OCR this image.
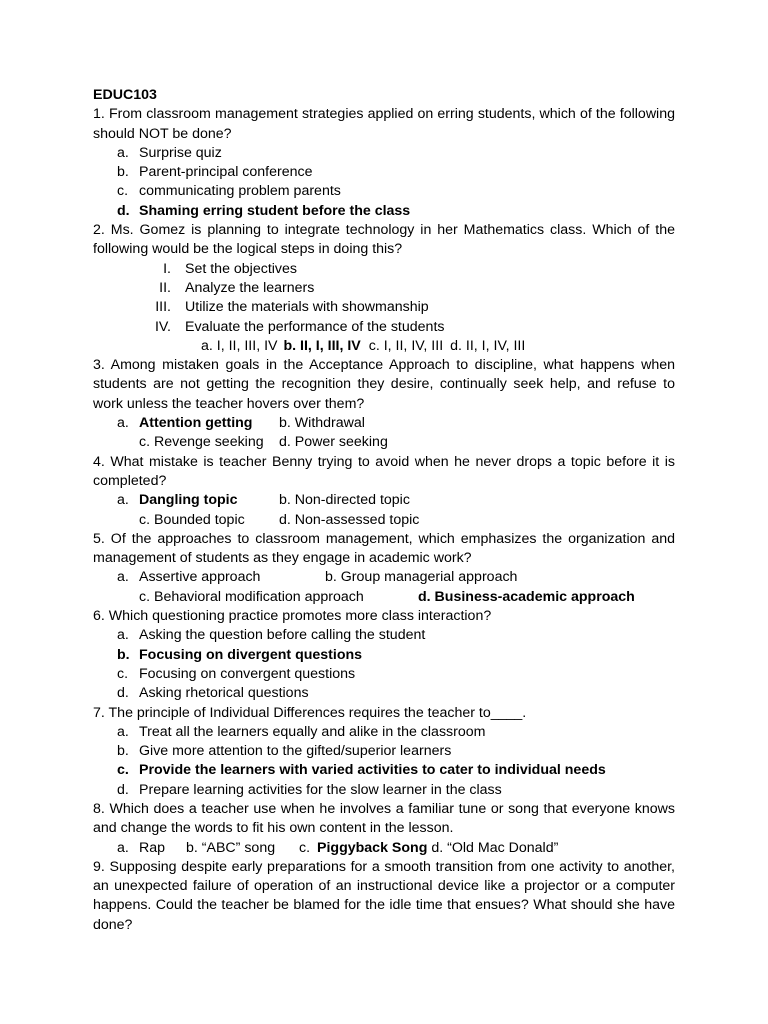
EDUC103
1. From classroom management strategies applied on erring students, which of the following should NOT be done?
a. Surprise quiz
b. Parent-principal conference
c. communicating problem parents
d. Shaming erring student before the class
2. Ms. Gomez is planning to integrate technology in her Mathematics class. Which of the following would be the logical steps in doing this?
I. Set the objectives
II. Analyze the learners
III. Utilize the materials with showmanship
IV. Evaluate the performance of the students
a. I, II, III, IV b. II, I, III, IV c. I, II, IV, III d. II, I, IV, III
3. Among mistaken goals in the Acceptance Approach to discipline, what happens when students are not getting the recognition they desire, continually seek help, and refuse to work unless the teacher hovers over them?
a. Attention getting	b. Withdrawal
c. Revenge seeking	d. Power seeking
4. What mistake is teacher Benny trying to avoid when he never drops a topic before it is completed?
a. Dangling topic	b. Non-directed topic
c. Bounded topic	d. Non-assessed topic
5. Of the approaches to classroom management, which emphasizes the organization and management of students as they engage in academic work?
a. Assertive approach	b. Group managerial approach
c. Behavioral modification approach	d. Business-academic approach
6. Which questioning practice promotes more class interaction?
a. Asking the question before calling the student
b. Focusing on divergent questions
c. Focusing on convergent questions
d. Asking rhetorical questions
7. The principle of Individual Differences requires the teacher to____.
a. Treat all the learners equally and alike in the classroom
b. Give more attention to the gifted/superior learners
c. Provide the learners with varied activities to cater to individual needs
d. Prepare learning activities for the slow learner in the class
8. Which does a teacher use when he involves a familiar tune or song that everyone knows and change the words to fit his own content in the lesson.
a. Rap	b. “ABC” song	c. Piggyback Song d. “Old Mac Donald”
9. Supposing despite early preparations for a smooth transition from one activity to another, an unexpected failure of operation of an instructional device like a projector or a computer happens. Could the teacher be blamed for the idle time that ensues? What should she have done?
